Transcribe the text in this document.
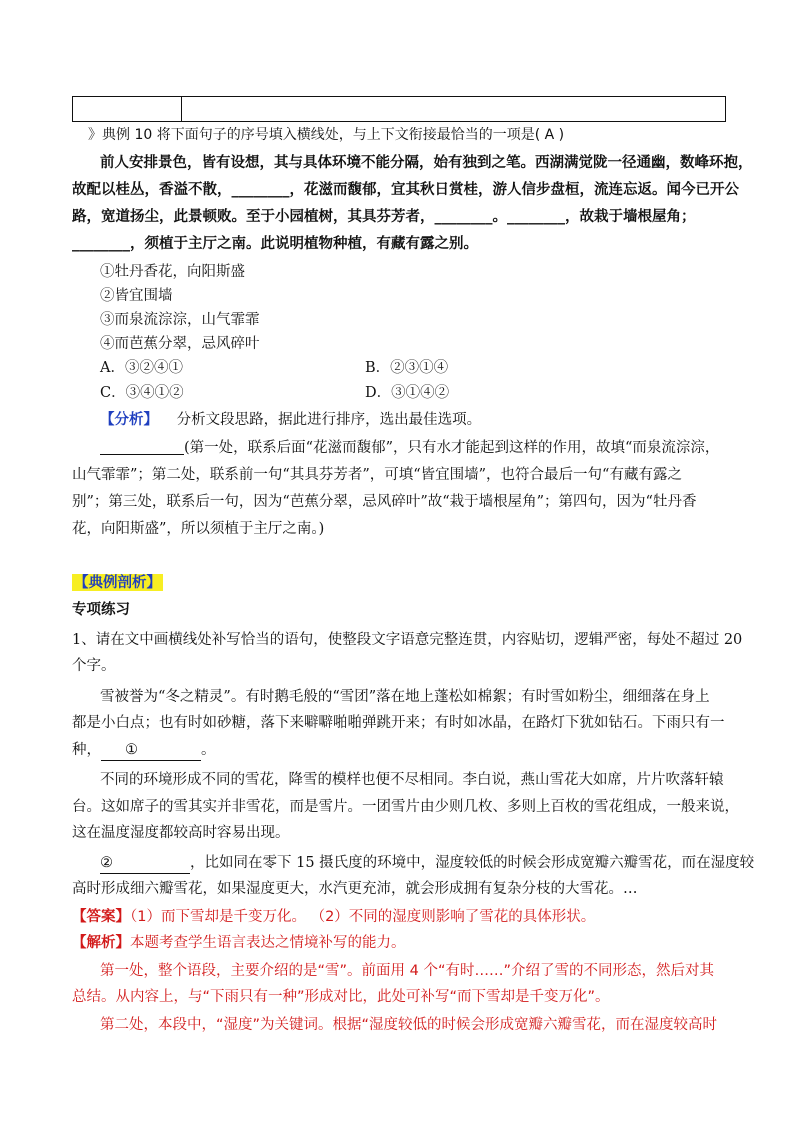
》典例 10 将下面句子的序号填入横线处，与上下文衔接最恰当的一项是( A )
前人安排景色，皆有设想，其与具体环境不能分隔，始有独到之笔。西湖满觉陇一径通幽，数峰环抱，
故配以桂丛，香溢不散，________，花滋而馥郁，宜其秋日赏桂，游人信步盘桓，流连忘返。闻今已开公
路，宽道扬尘，此景顿败。至于小园植树，其具芬芳者，________。________，故栽于墙根屋角；
________，须植于主厅之南。此说明植物种植，有藏有露之别。
①牡丹香花，向阳斯盛
②皆宜围墙
③而泉流淙淙，山气霏霏
④而芭蕉分翠，忌风碎叶
A．③②④①	B．②③①④
C．③④①②	D．③①④②
【分析】 分析文段思路，据此进行排序，选出最佳选项。
(第一处，联系后面“花滋而馥郁”，只有水才能起到这样的作用，故填“而泉流淙淙，
山气霏霏”；第二处，联系前一句“其具芬芳者”，可填“皆宜围墙”，也符合最后一句“有藏有露之
别”；第三处，联系后一句，因为“芭蕉分翠，忌风碎叶”故“栽于墙根屋角”；第四句，因为“牡丹香
花，向阳斯盛”，所以须植于主厅之南。)
【典例剖析】
专项练习
1、请在文中画横线处补写恰当的语句，使整段文字语意完整连贯，内容贴切，逻辑严密，每处不超过 20
个字。
雪被誉为“冬之精灵”。有时鹅毛般的“雪团”落在地上蓬松如棉絮；有时雪如粉尘，细细落在身上
都是小白点；也有时如砂糖，落下来噼噼啪啪弹跳开来；有时如冰晶，在路灯下犹如钻石。下雨只有一
种， ①	。
不同的环境形成不同的雪花，降雪的模样也便不尽相同。李白说，燕山雪花大如席，片片吹落轩辕
台。这如席子的雪其实并非雪花，而是雪片。一团雪片由少则几枚、多则上百枚的雪花组成，一般来说，
这在温度湿度都较高时容易出现。
②	，比如同在零下 15 摄氏度的环境中，湿度较低的时候会形成宽瓣六瓣雪花，而在湿度较
高时形成细六瓣雪花，如果湿度更大，水汽更充沛，就会形成拥有复杂分枝的大雪花。…
【答案】（1）而下雪却是千变万化。 （2）不同的湿度则影响了雪花的具体形状。
【解析】本题考查学生语言表达之情境补写的能力。
第一处，整个语段，主要介绍的是“雪”。前面用 4 个“有时……”介绍了雪的不同形态，然后对其
总结。从内容上，与“下雨只有一种”形成对比，此处可补写“而下雪却是千变万化”。
第二处，本段中，“湿度”为关键词。根据“湿度较低的时候会形成宽瓣六瓣雪花，而在湿度较高时
